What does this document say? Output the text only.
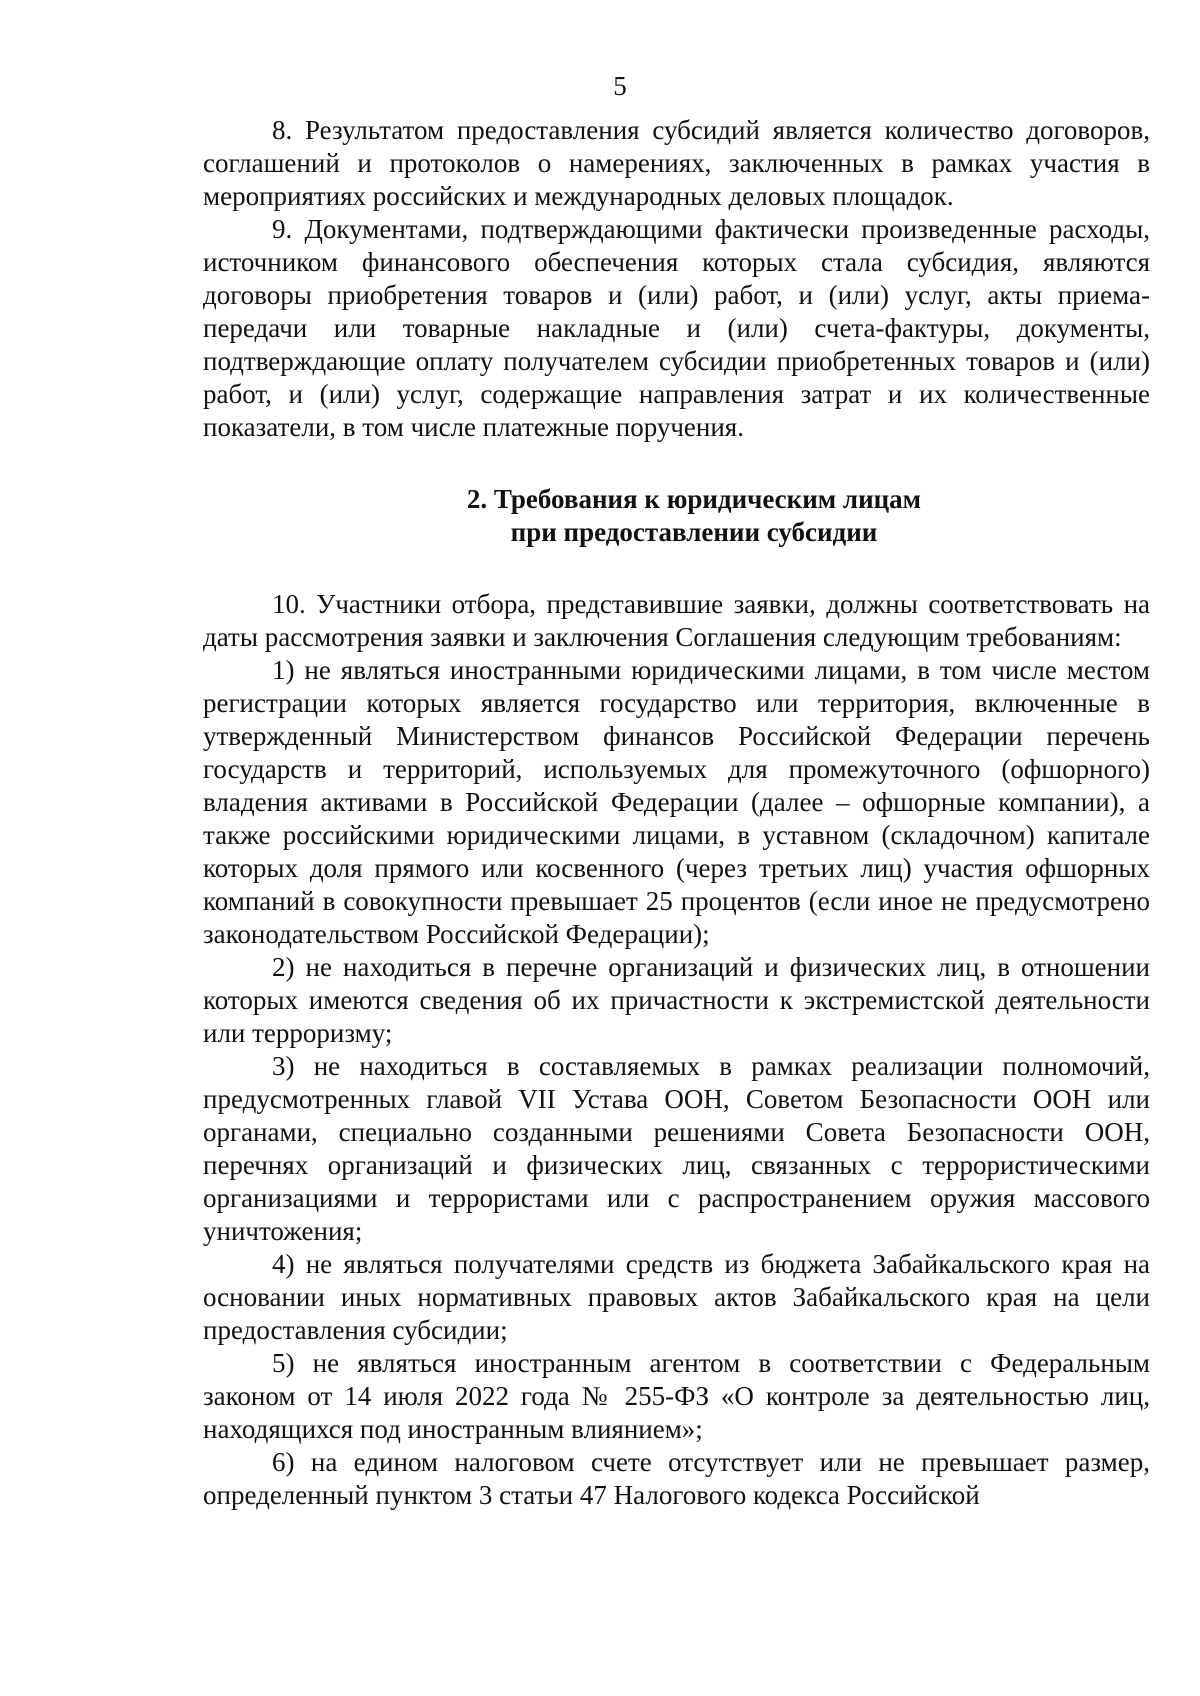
5

8. Результатом предоставления субсидий является количество договоров, соглашений и протоколов о намерениях, заключенных в рамках участия в мероприятиях российских и международных деловых площадок.

9. Документами, подтверждающими фактически произведенные расходы, источником финансового обеспечения которых стала субсидия, являются договоры приобретения товаров и (или) работ, и (или) услуг, акты приема-передачи или товарные накладные и (или) счета-фактуры, документы, подтверждающие оплату получателем субсидии приобретенных товаров и (или) работ, и (или) услуг, содержащие направления затрат и их количественные показатели, в том числе платежные поручения.

2. Требования к юридическим лицам
при предоставлении субсидии

10. Участники отбора, представившие заявки, должны соответствовать на даты рассмотрения заявки и заключения Соглашения следующим требованиям:

1) не являться иностранными юридическими лицами, в том числе местом регистрации которых является государство или территория, включенные в утвержденный Министерством финансов Российской Федерации перечень государств и территорий, используемых для промежуточного (офшорного) владения активами в Российской Федерации (далее – офшорные компании), а также российскими юридическими лицами, в уставном (складочном) капитале которых доля прямого или косвенного (через третьих лиц) участия офшорных компаний в совокупности превышает 25 процентов (если иное не предусмотрено законодательством Российской Федерации);

2) не находиться в перечне организаций и физических лиц, в отношении которых имеются сведения об их причастности к экстремистской деятельности или терроризму;

3) не находиться в составляемых в рамках реализации полномочий, предусмотренных главой VII Устава ООН, Советом Безопасности ООН или органами, специально созданными решениями Совета Безопасности ООН, перечнях организаций и физических лиц, связанных с террористическими организациями и террористами или с распространением оружия массового уничтожения;

4) не являться получателями средств из бюджета Забайкальского края на основании иных нормативных правовых актов Забайкальского края на цели предоставления субсидии;

5) не являться иностранным агентом в соответствии с Федеральным законом от 14 июля 2022 года № 255-ФЗ «О контроле за деятельностью лиц, находящихся под иностранным влиянием»;

6) на едином налоговом счете отсутствует или не превышает размер, определенный пунктом 3 статьи 47 Налогового кодекса Российской
